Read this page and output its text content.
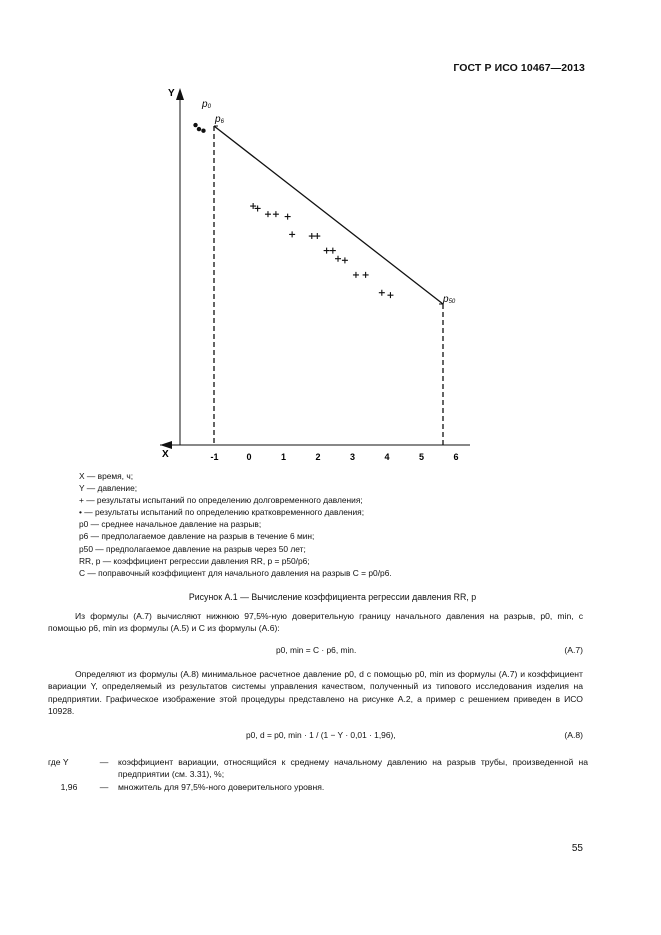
ГОСТ Р ИСО 10467—2013
Y
X	-1	0	1	2	3	4	5	6
p0
p6
p50
X — время, ч;
Y — давление;
+ — результаты испытаний по определению долговременного давления;
• — результаты испытаний по определению кратковременного давления;
p0 — среднее начальное давление на разрыв;
p6 — предполагаемое давление на разрыв в течение 6 мин;
p50 — предполагаемое давление на разрыв через 50 лет;
RR, p — коэффициент регрессии давления RR, p = p50/p6;
C — поправочный коэффициент для начального давления на разрыв C = p0/p6.
Рисунок А.1 — Вычисление коэффициента регрессии давления RR, p
Из формулы (А.7) вычисляют нижнюю 97,5%-ную доверительную границу начального давления на разрыв, p0, min, с помощью p6, min из формулы (А.5) и C из формулы (А.6):
p0, min = C · p6, min.	(А.7)
Определяют из формулы (А.8) минимальное расчетное давление p0, d с помощью p0, min из формулы (А.7) и коэффициент вариации Y, определяемый из результатов системы управления качеством, полученный из типового исследования изделия на предприятии. Графическое изображение этой процедуры представлено на рисунке А.2, а пример с решением приведен в ИСО 10928.
p0, d = p0, min · 1 / (1 − Y · 0,01 · 1,96),	(А.8)
где Y	—	коэффициент вариации, относящийся к среднему начальному давлению на разрыв трубы, произведенной на предприятии (см. 3.31), %;
1,96	—	множитель для 97,5%-ного доверительного уровня.
55
